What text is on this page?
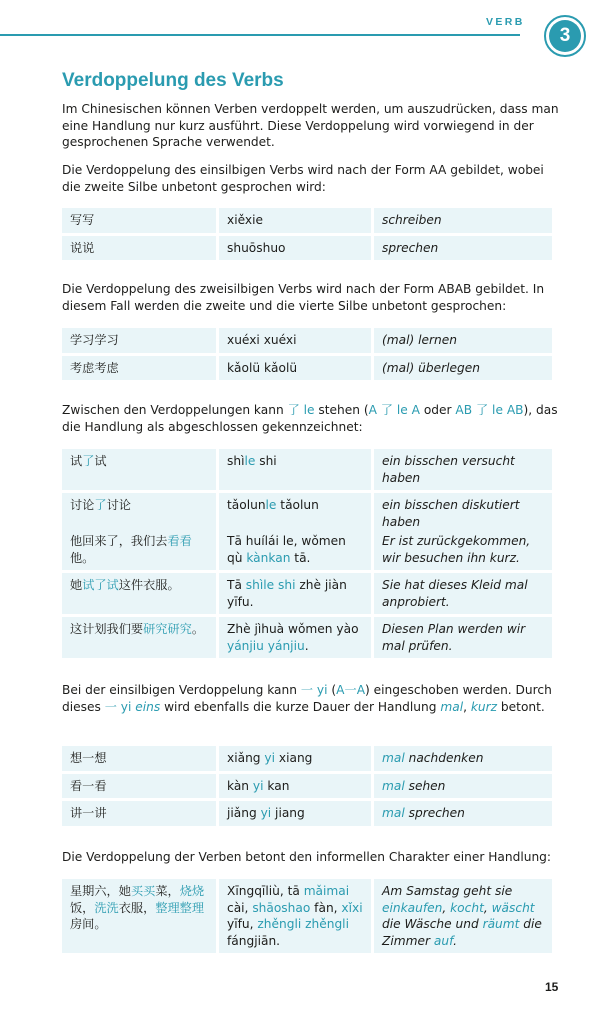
VERB
3
Verdoppelung des Verbs

Im Chinesischen können Verben verdoppelt werden, um auszudrücken, dass man eine Handlung nur kurz ausführt. Diese Verdoppelung wird vorwiegend in der gesprochenen Sprache verwendet.

Die Verdoppelung des einsilbigen Verbs wird nach der Form AA gebildet, wobei die zweite Silbe unbetont gesprochen wird:

写写	xiěxie	schreiben
说说	shuōshuo	sprechen

Die Verdoppelung des zweisilbigen Verbs wird nach der Form ABAB gebildet. In diesem Fall werden die zweite und die vierte Silbe unbetont gesprochen:

学习学习	xuéxi xuéxi	(mal) lernen
考虑考虑	kǎolü kǎolü	(mal) überlegen

Zwischen den Verdoppelungen kann 了 le stehen (A 了 le A oder AB 了 le AB), das die Handlung als abgeschlossen gekennzeichnet:

试了试	shìle shi	ein bisschen versucht haben
讨论了讨论	tǎolunle tǎolun	ein bisschen diskutiert haben
他回来了，我们去看看他。	Tā huílái le, wǒmen qù kànkan tā.	Er ist zurückgekommen, wir besuchen ihn kurz.
她试了试这件衣服。	Tā shìle shi zhè jiàn yīfu.	Sie hat dieses Kleid mal anprobiert.
这计划我们要研究研究。	Zhè jìhuà wǒmen yào yánjiu yánjiu.	Diesen Plan werden wir mal prüfen.

Bei der einsilbigen Verdoppelung kann 一 yi (A一A) eingeschoben werden. Durch dieses 一 yi eins wird ebenfalls die kurze Dauer der Handlung mal, kurz betont.

想一想	xiǎng yi xiang	mal nachdenken
看一看	kàn yi kan	mal sehen
讲一讲	jiǎng yi jiang	mal sprechen

Die Verdoppelung der Verben betont den informellen Charakter einer Handlung:

星期六，她买买菜，烧烧饭，洗洗衣服，整理整理房间。	Xīngqīliù, tā mǎimai cài, shāoshao fàn, xǐxi yīfu, zhěngli zhěngli fángjiān.	Am Samstag geht sie einkaufen, kocht, wäscht die Wäsche und räumt die Zimmer auf.
15
